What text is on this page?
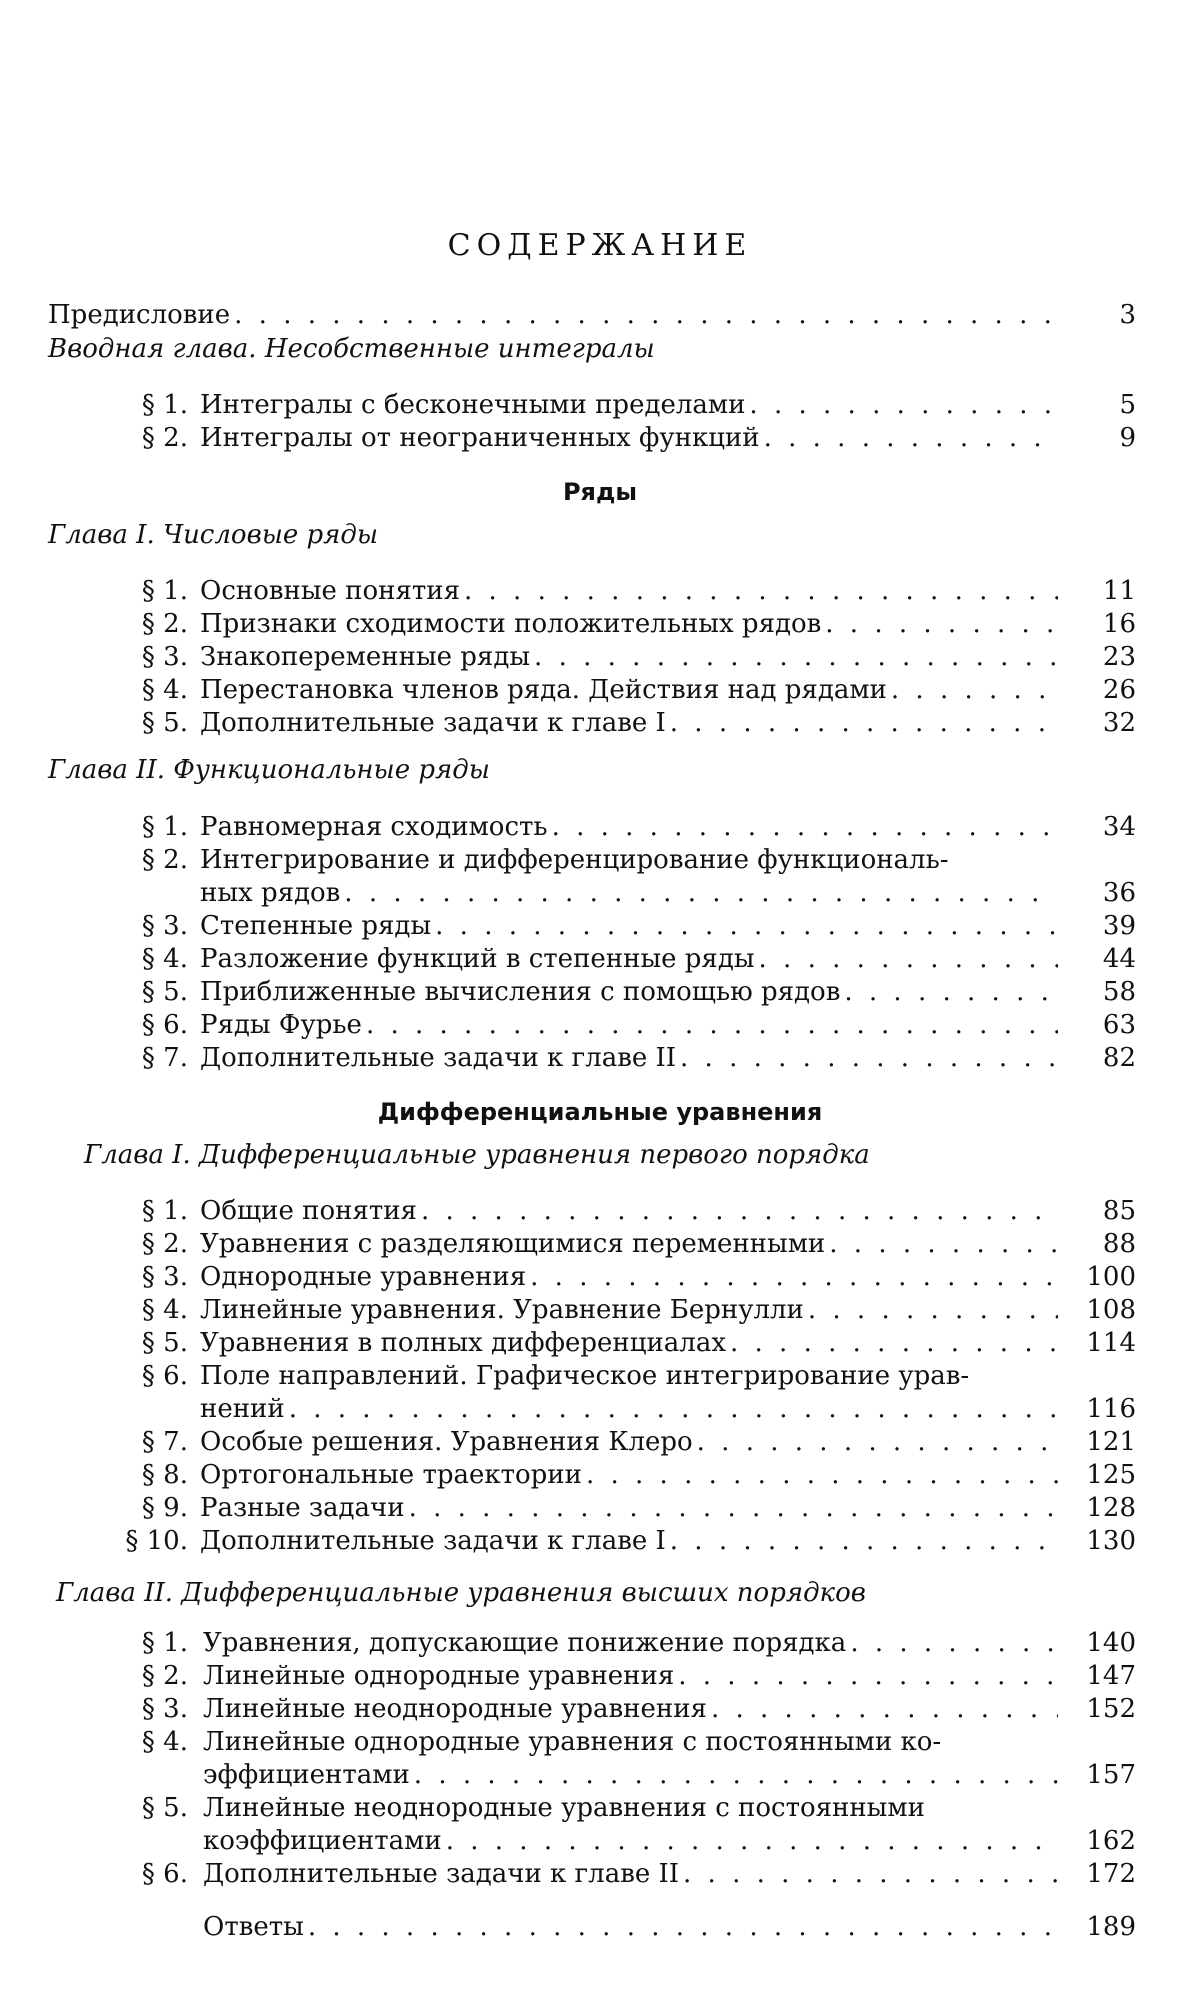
СОДЕРЖАНИЕ
Предисловие . . .	3
Вводная глава. Несобственные интегралы
§ 1. Интегралы с бесконечными пределами . . .	5
§ 2. Интегралы от неограниченных функций . . .	9
Ряды
Глава I. Числовые ряды
§ 1. Основные понятия . . .	11
§ 2. Признаки сходимости положительных рядов . . .	16
§ 3. Знакопеременные ряды . . .	23
§ 4. Перестановка членов ряда. Действия над рядами . . .	26
§ 5. Дополнительные задачи к главе I . . .	32
Глава II. Функциональные ряды
§ 1. Равномерная сходимость . . .	34
§ 2. Интегрирование и дифференцирование функциональ-
ных рядов . . .	36
§ 3. Степенные ряды . . .	39
§ 4. Разложение функций в степенные ряды . . .	44
§ 5. Приближенные вычисления с помощью рядов . . .	58
§ 6. Ряды Фурье . . .	63
§ 7. Дополнительные задачи к главе II . . .	82
Дифференциальные уравнения
Глава I. Дифференциальные уравнения первого порядка
§ 1. Общие понятия . . .	85
§ 2. Уравнения с разделяющимися переменными . . .	88
§ 3. Однородные уравнения . . .	100
§ 4. Линейные уравнения. Уравнение Бернулли . . .	108
§ 5. Уравнения в полных дифференциалах . . .	114
§ 6. Поле направлений. Графическое интегрирование урав-
нений . . .	116
§ 7. Особые решения. Уравнения Клеро . . .	121
§ 8. Ортогональные траектории . . .	125
§ 9. Разные задачи . . .	128
§ 10. Дополнительные задачи к главе I . . .	130
Глава II. Дифференциальные уравнения высших порядков
§ 1. Уравнения, допускающие понижение порядка . . .	140
§ 2. Линейные однородные уравнения . . .	147
§ 3. Линейные неоднородные уравнения . . .	152
§ 4. Линейные однородные уравнения с постоянными ко-
эффициентами . . .	157
§ 5. Линейные неоднородные уравнения с постоянными
коэффициентами . . .	162
§ 6. Дополнительные задачи к главе II . . .	172
Ответы . . .	189
